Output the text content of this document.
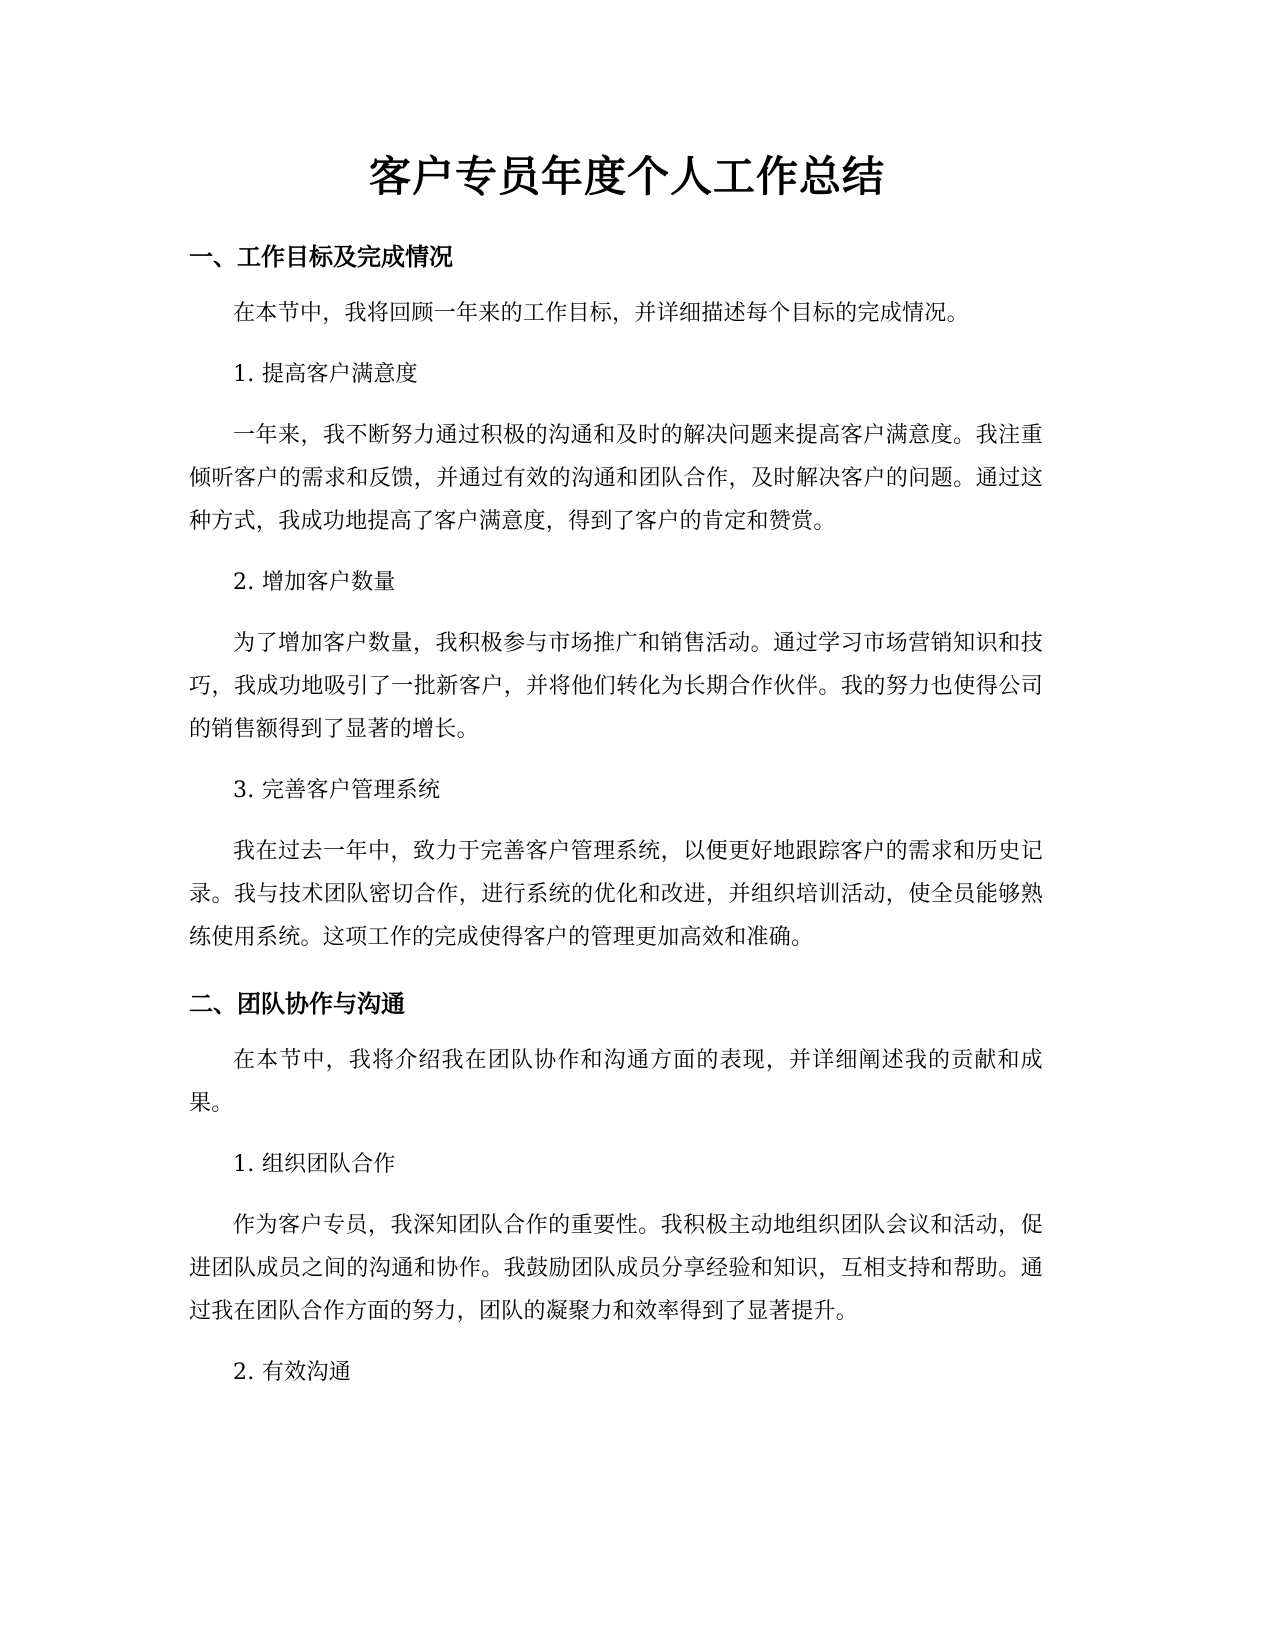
客户专员年度个人工作总结
一、工作目标及完成情况

在本节中，我将回顾一年来的工作目标，并详细描述每个目标的完成情况。

1. 提高客户满意度

一年来，我不断努力通过积极的沟通和及时的解决问题来提高客户满意度。我注重倾听客户的需求和反馈，并通过有效的沟通和团队合作，及时解决客户的问题。通过这种方式，我成功地提高了客户满意度，得到了客户的肯定和赞赏。

2. 增加客户数量

为了增加客户数量，我积极参与市场推广和销售活动。通过学习市场营销知识和技巧，我成功地吸引了一批新客户，并将他们转化为长期合作伙伴。我的努力也使得公司的销售额得到了显著的增长。

3. 完善客户管理系统

我在过去一年中，致力于完善客户管理系统，以便更好地跟踪客户的需求和历史记录。我与技术团队密切合作，进行系统的优化和改进，并组织培训活动，使全员能够熟练使用系统。这项工作的完成使得客户的管理更加高效和准确。

二、团队协作与沟通

在本节中，我将介绍我在团队协作和沟通方面的表现，并详细阐述我的贡献和成果。

1. 组织团队合作

作为客户专员，我深知团队合作的重要性。我积极主动地组织团队会议和活动，促进团队成员之间的沟通和协作。我鼓励团队成员分享经验和知识，互相支持和帮助。通过我在团队合作方面的努力，团队的凝聚力和效率得到了显著提升。

2. 有效沟通
